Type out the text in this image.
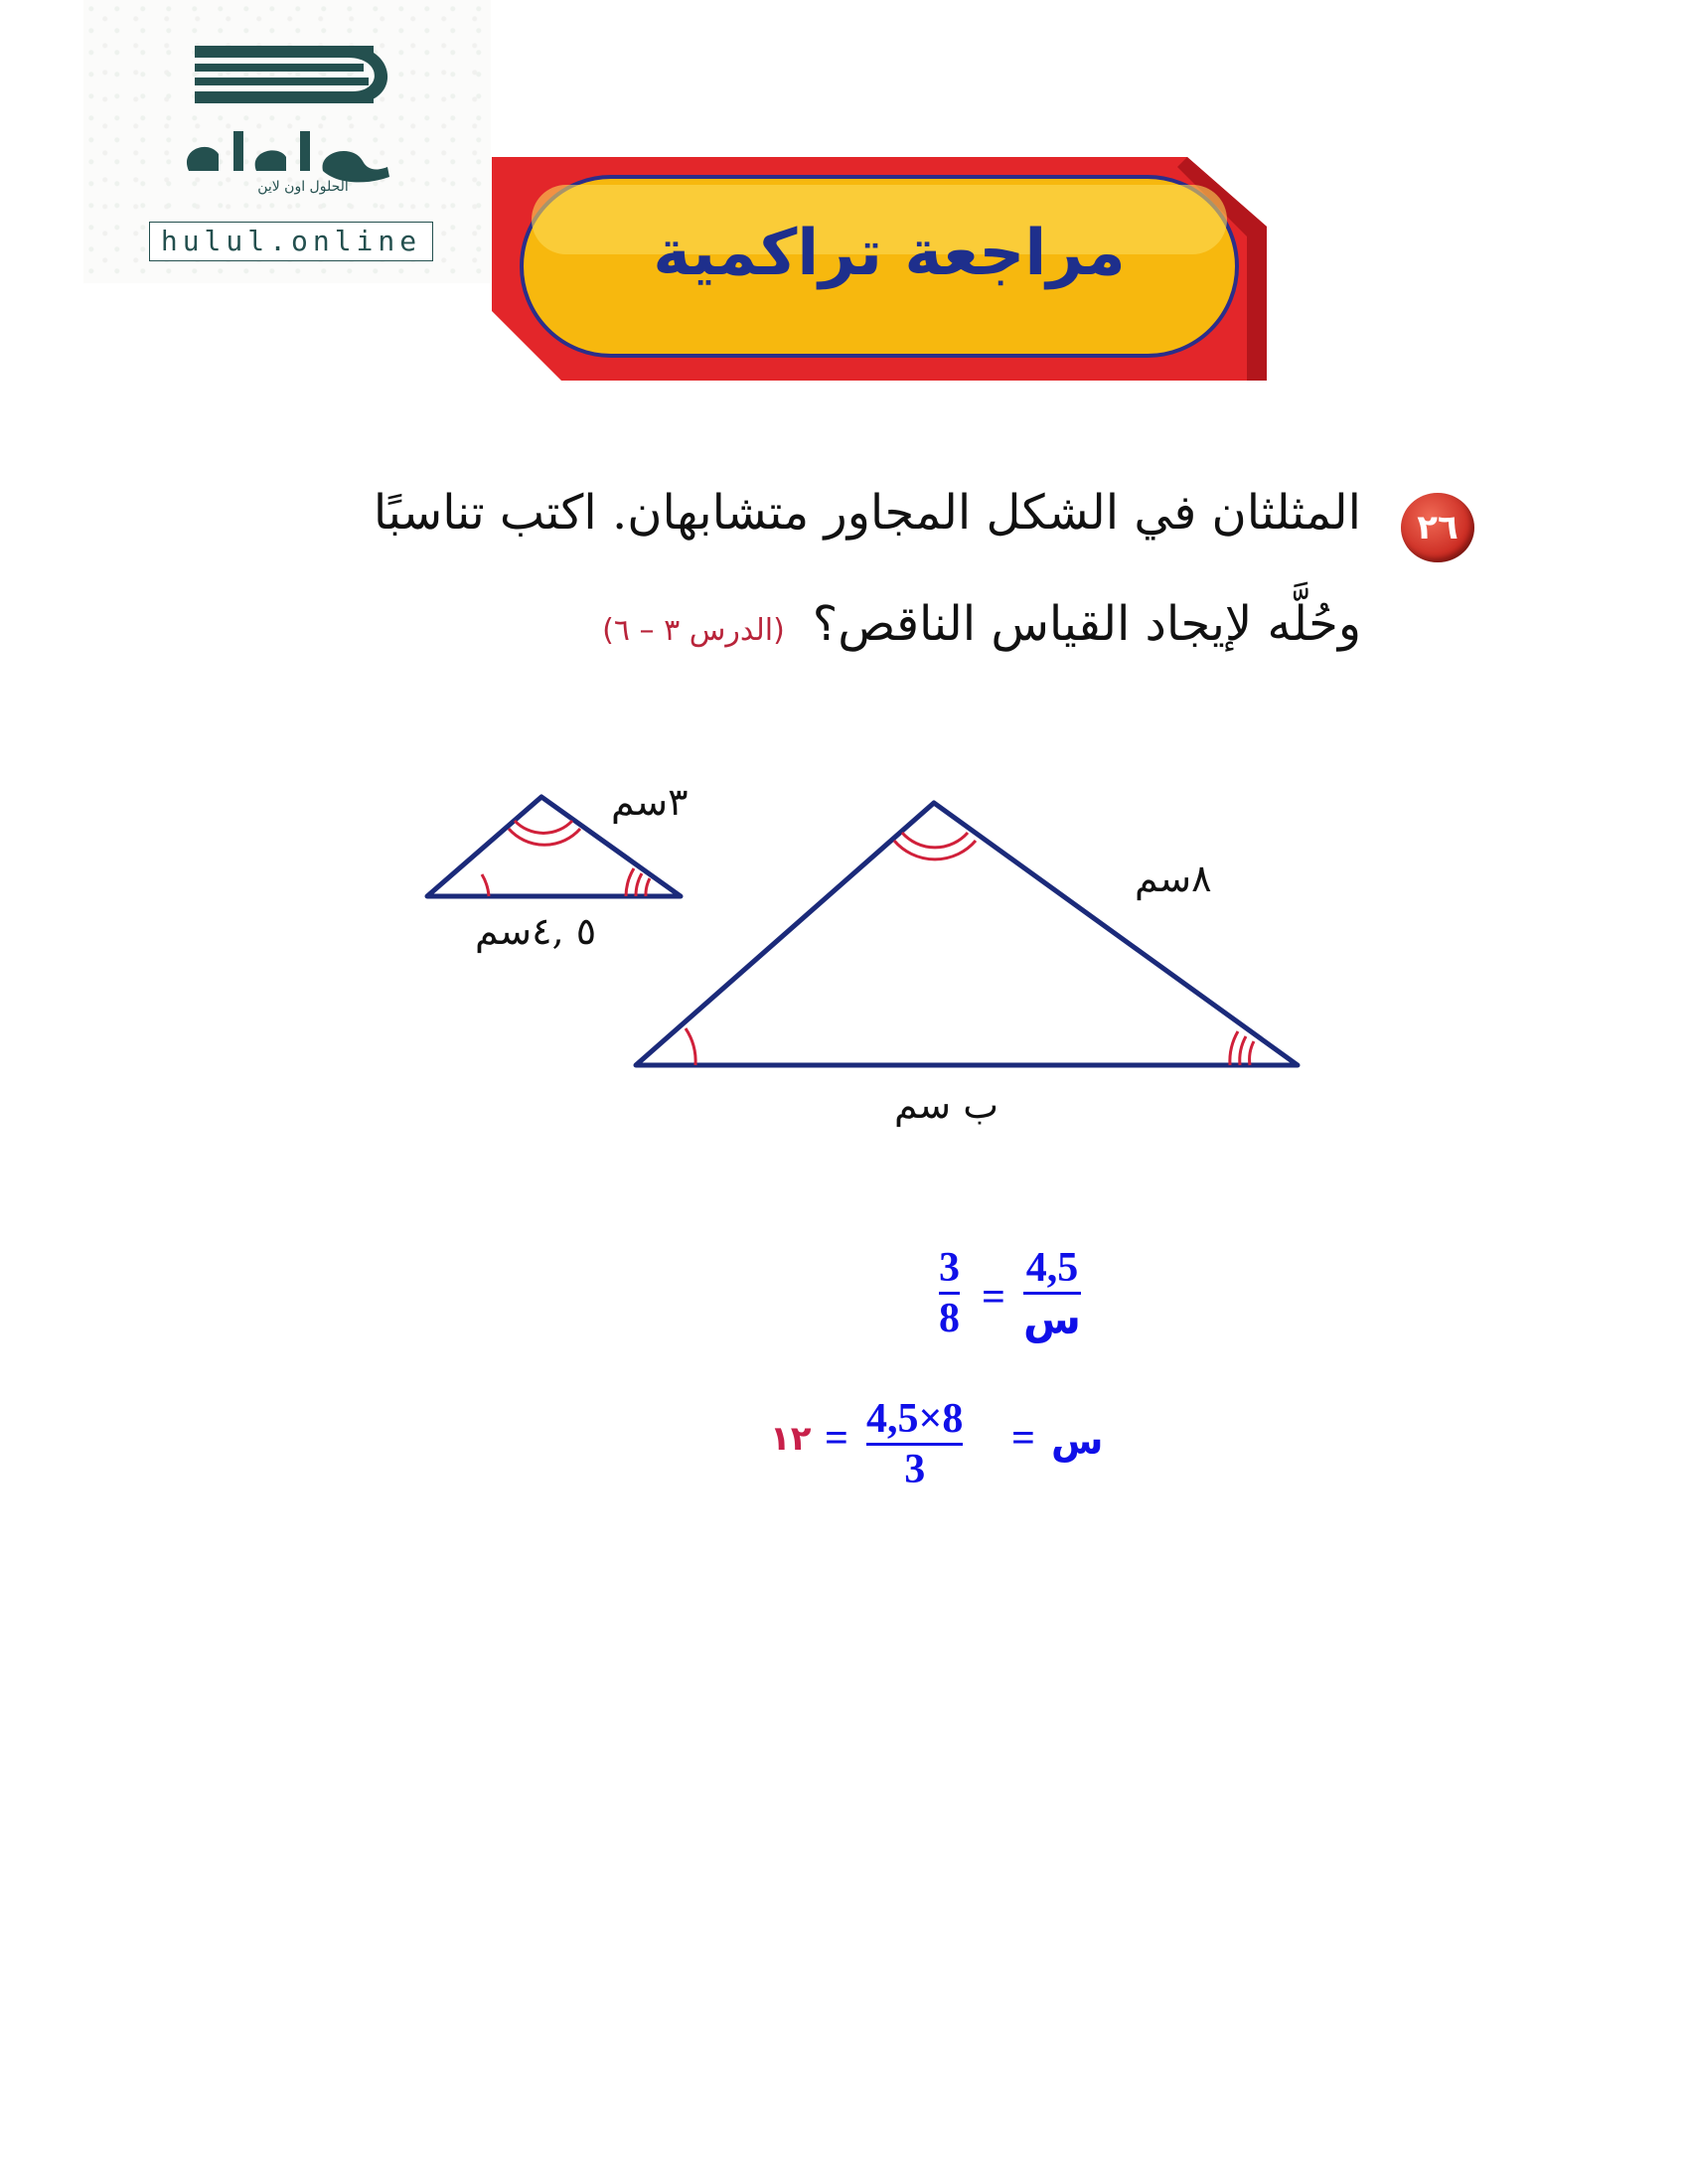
الحلول اون لاين
hulul.online	مراجعة تراكمية
٢٦
المثلثان في الشكل المجاور متشابهان. اكتب تناسبًا
وحُلَّه لإيجاد القياس الناقص؟(الدرس ٣ – ٦)
٣سم
٥ ,٤سم
٨سم
ب سم
3
8 =
4,5
س
١٢ = 4,5×8
3
= س
